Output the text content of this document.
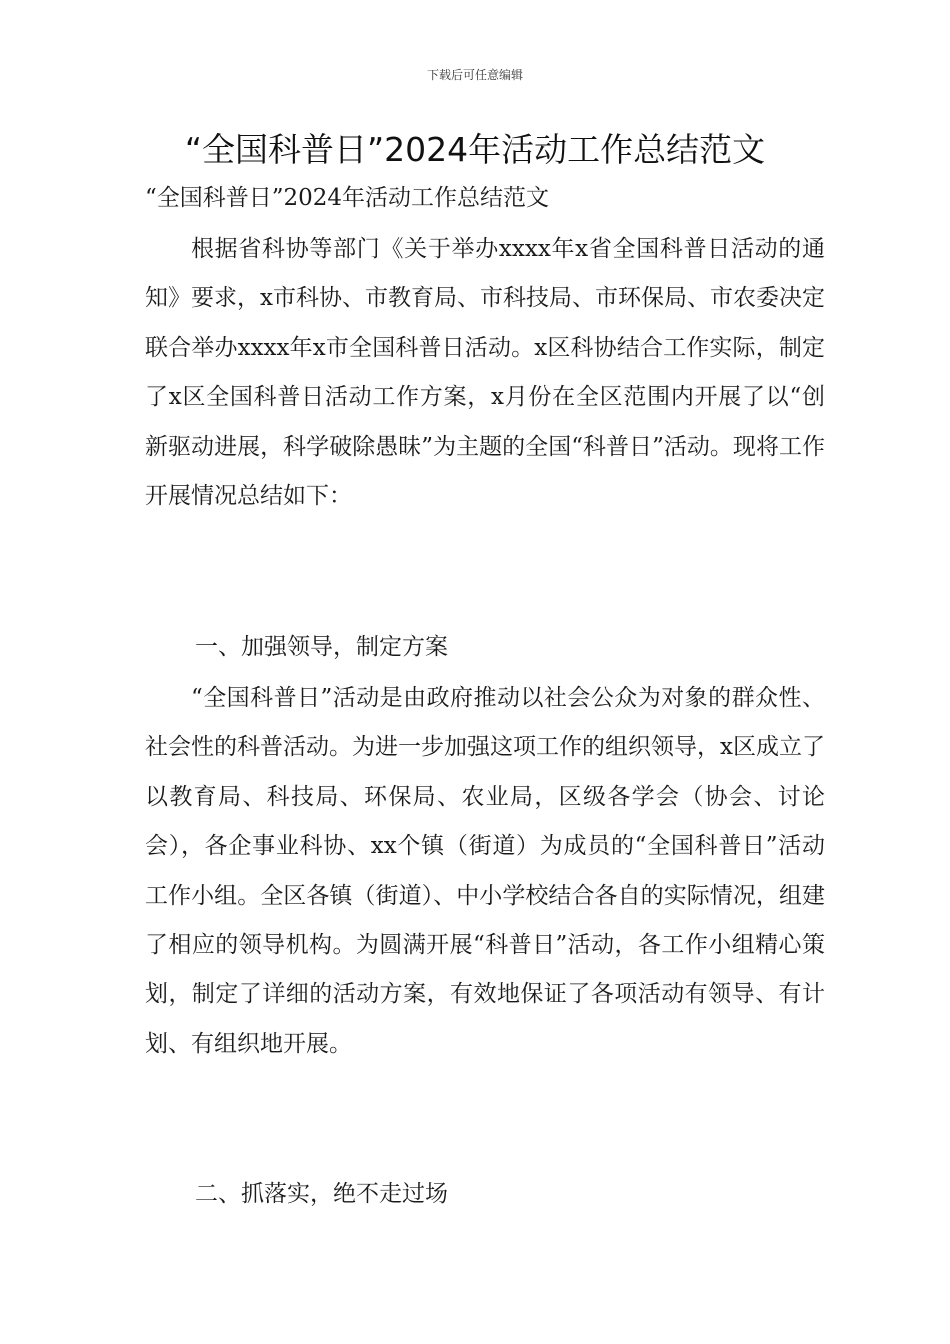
下载后可任意编辑
“全国科普日”2024年活动工作总结范文
“全国科普日”2024年活动工作总结范文

根据省科协等部门《关于举办xxxx年x省全国科普日活动的通知》要求，x市科协、市教育局、市科技局、市环保局、市农委决定联合举办xxxx年x市全国科普日活动。x区科协结合工作实际，制定了x区全国科普日活动工作方案，x月份在全区范围内开展了以“创新驱动进展，科学破除愚昧”为主题的全国“科普日”活动。现将工作开展情况总结如下：

一、加强领导，制定方案

“全国科普日”活动是由政府推动以社会公众为对象的群众性、社会性的科普活动。为进一步加强这项工作的组织领导，x区成立了以教育局、科技局、环保局、农业局，区级各学会（协会、讨论会），各企事业科协、xx个镇（街道）为成员的“全国科普日”活动工作小组。全区各镇（街道）、中小学校结合各自的实际情况，组建了相应的领导机构。为圆满开展“科普日”活动，各工作小组精心策划，制定了详细的活动方案，有效地保证了各项活动有领导、有计划、有组织地开展。

二、抓落实，绝不走过场
